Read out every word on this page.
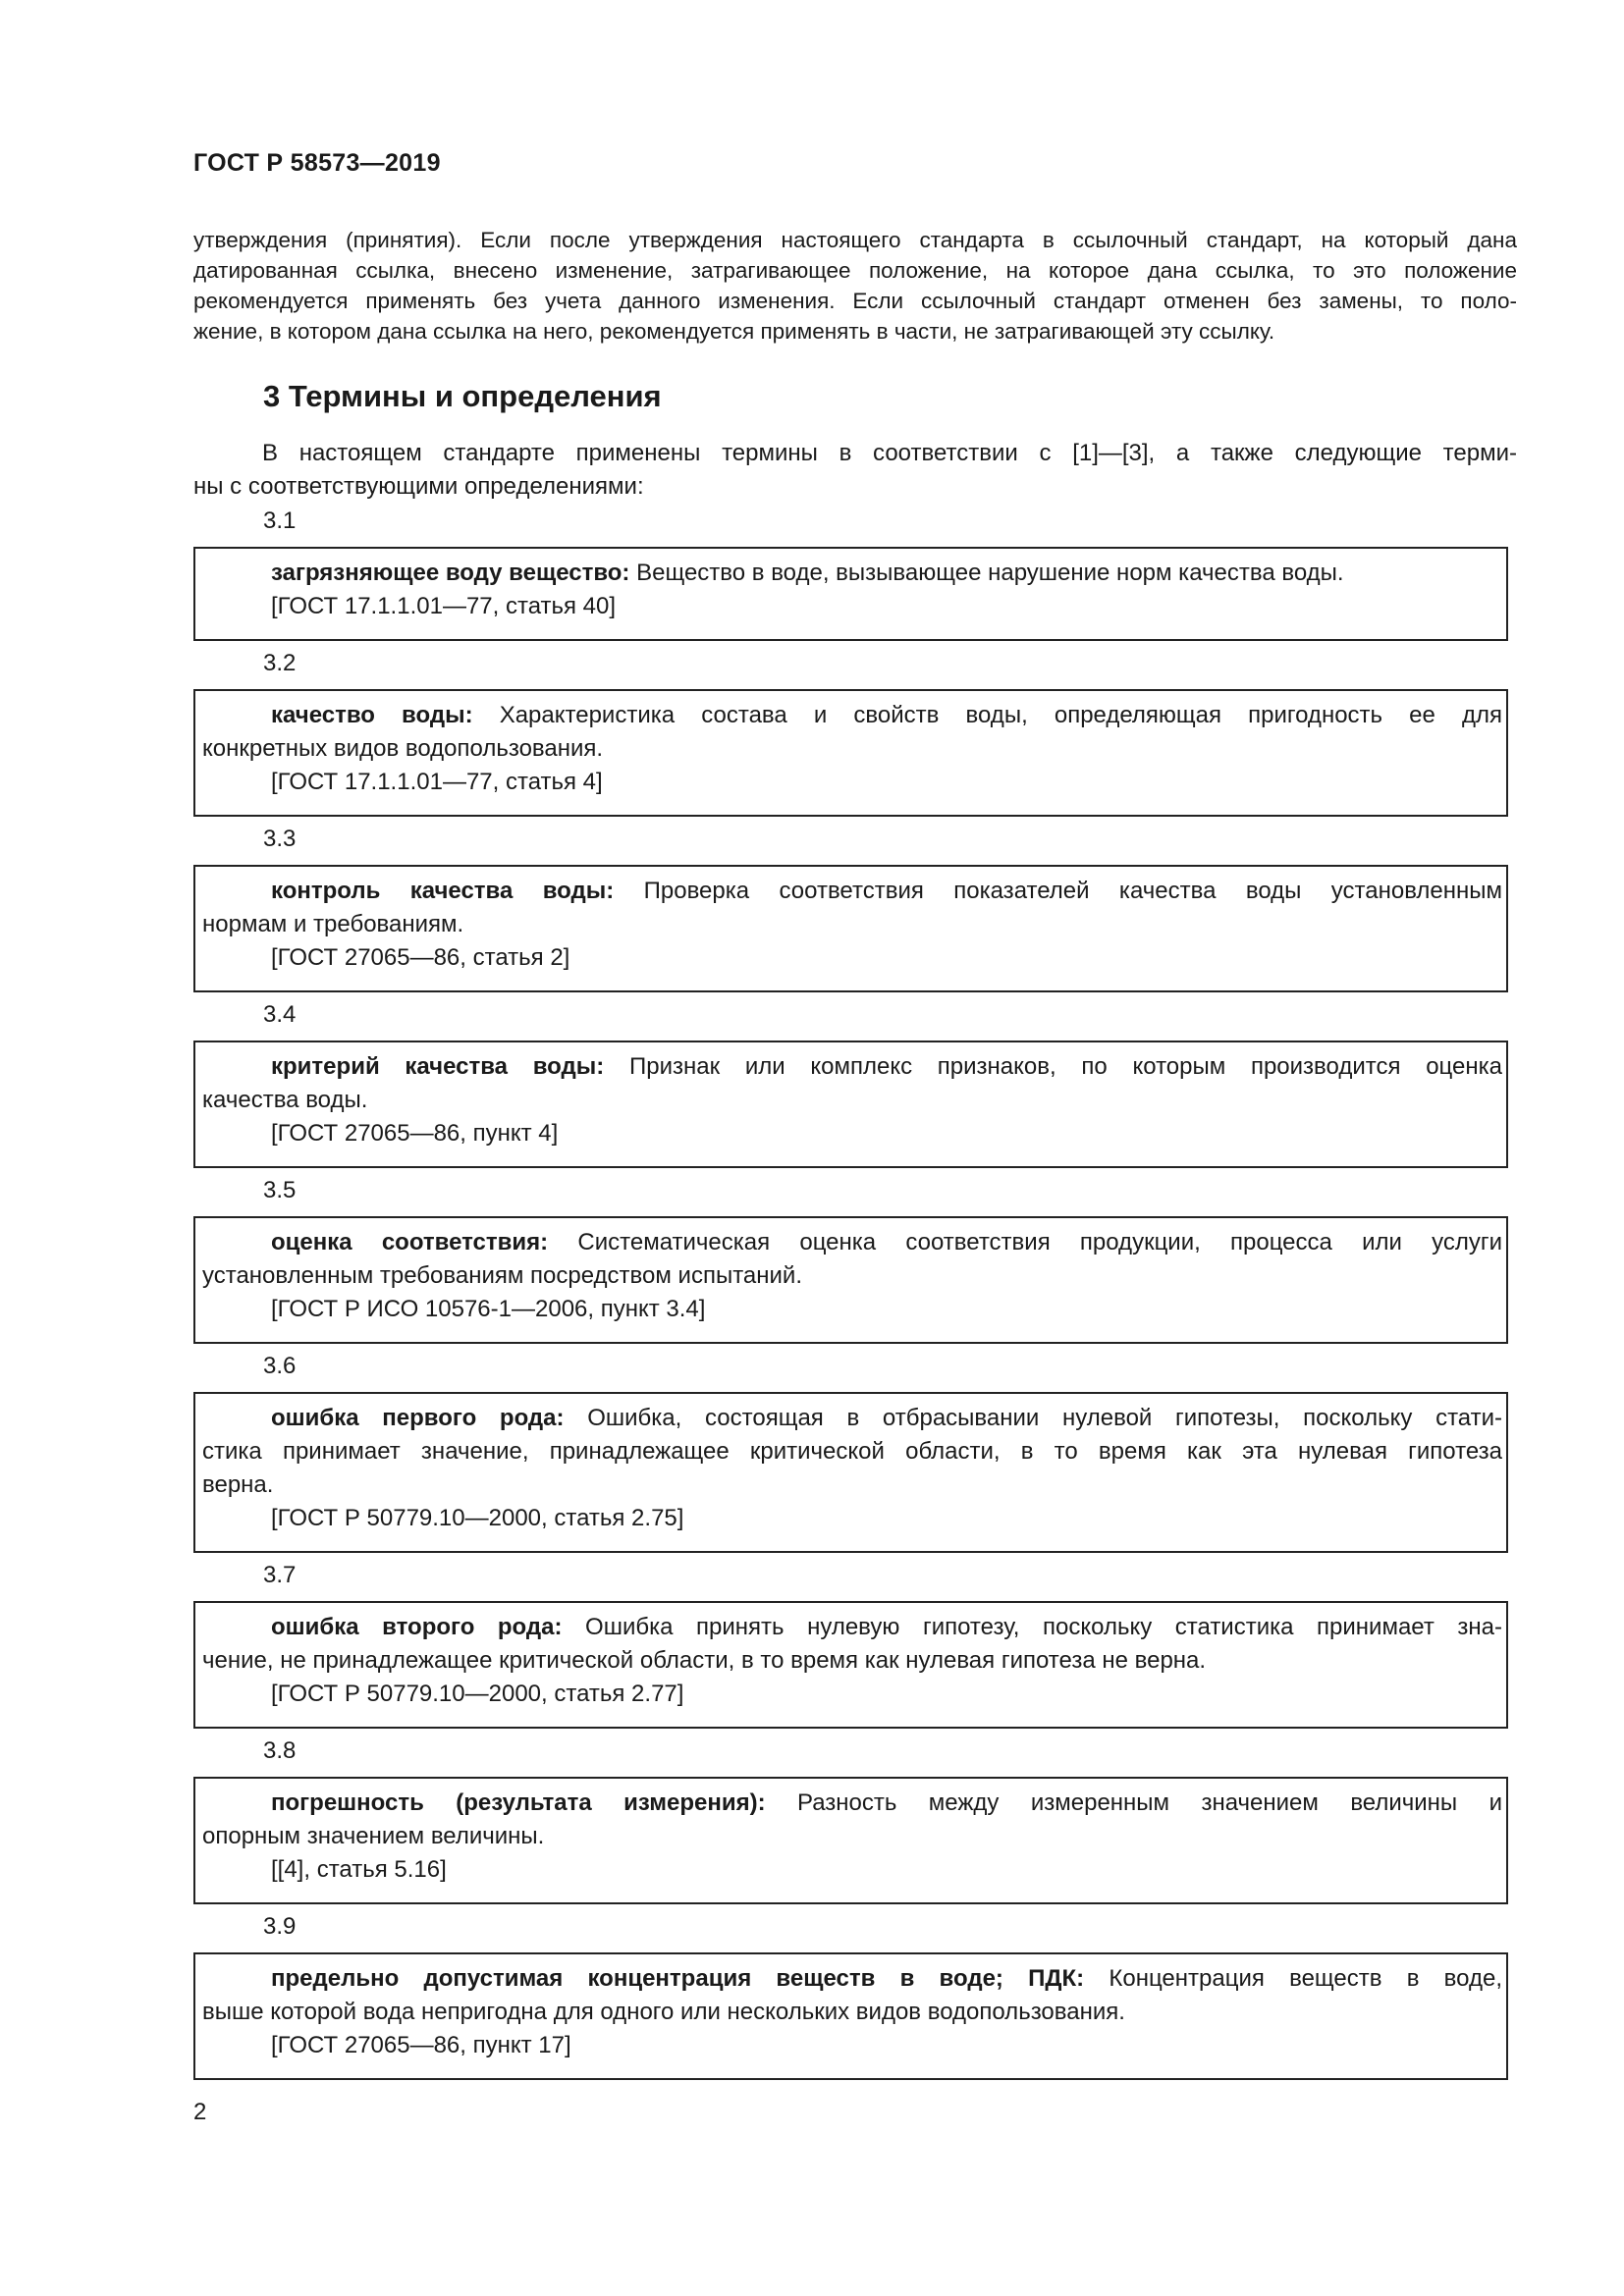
ГОСТ Р 58573—2019
утверждения (принятия). Если после утверждения настоящего стандарта в ссылочный стандарт, на который дана
датированная ссылка, внесено изменение, затрагивающее положение, на которое дана ссылка, то это положение
рекомендуется применять без учета данного изменения. Если ссылочный стандарт отменен без замены, то поло-
жение, в котором дана ссылка на него, рекомендуется применять в части, не затрагивающей эту ссылку.
3 Термины и определения
В настоящем стандарте применены термины в соответствии с [1]—[3], а также следующие терми-
ны с соответствующими определениями:
3.1
загрязняющее воду вещество: Вещество в воде, вызывающее нарушение норм качества воды.
[ГОСТ 17.1.1.01—77, статья 40]
3.2
качество воды: Характеристика состава и свойств воды, определяющая пригодность ее для
конкретных видов водопользования.
[ГОСТ 17.1.1.01—77, статья 4]
3.3
контроль качества воды: Проверка соответствия показателей качества воды установленным
нормам и требованиям.
[ГОСТ 27065—86, статья 2]
3.4
критерий качества воды: Признак или комплекс признаков, по которым производится оценка
качества воды.
[ГОСТ 27065—86, пункт 4]
3.5
оценка соответствия: Систематическая оценка соответствия продукции, процесса или услуги
установленным требованиям посредством испытаний.
[ГОСТ Р ИСО 10576-1—2006, пункт 3.4]
3.6
ошибка первого рода: Ошибка, состоящая в отбрасывании нулевой гипотезы, поскольку стати-
стика принимает значение, принадлежащее критической области, в то время как эта нулевая гипотеза
верна.
[ГОСТ Р 50779.10—2000, статья 2.75]
3.7
ошибка второго рода: Ошибка принять нулевую гипотезу, поскольку статистика принимает зна-
чение, не принадлежащее критической области, в то время как нулевая гипотеза не верна.
[ГОСТ Р 50779.10—2000, статья 2.77]
3.8
погрешность (результата измерения): Разность между измеренным значением величины и
опорным значением величины.
[[4], статья 5.16]
3.9
предельно допустимая концентрация веществ в воде; ПДК: Концентрация веществ в воде,
выше которой вода непригодна для одного или нескольких видов водопользования.
[ГОСТ 27065—86, пункт 17]
2
